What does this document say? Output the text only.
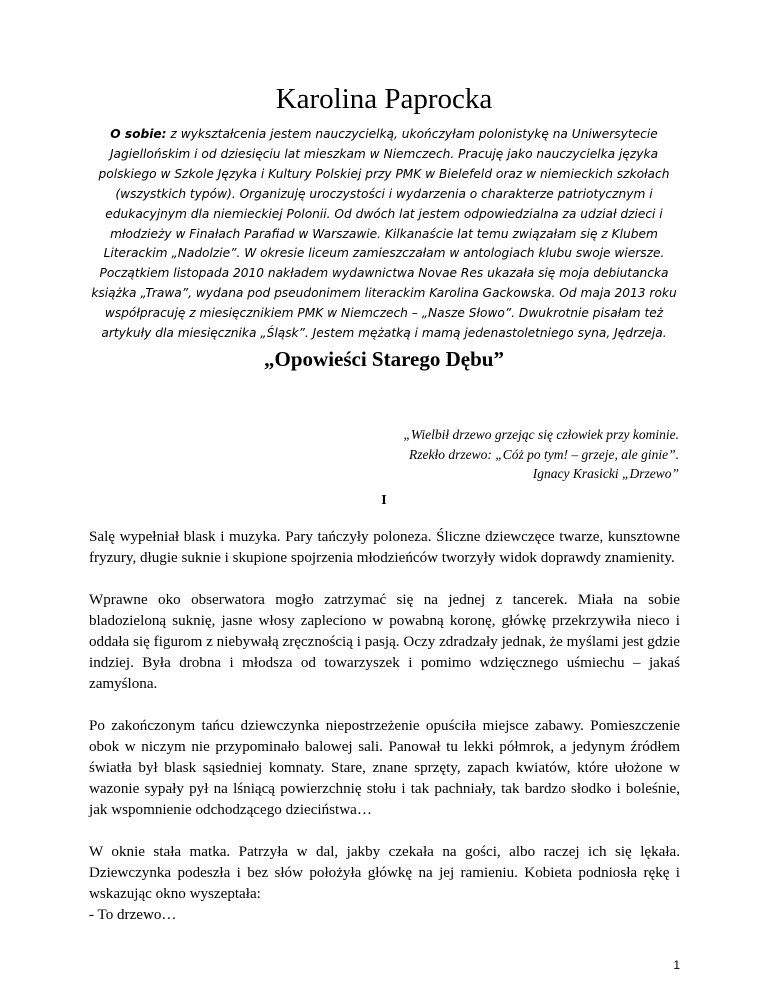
Karolina Paprocka
O sobie: z wykształcenia jestem nauczycielką, ukończyłam polonistykę na Uniwersytecie Jagiellońskim i od dziesięciu lat mieszkam w Niemczech. Pracuję jako nauczycielka języka polskiego w Szkole Języka i Kultury Polskiej przy PMK w Bielefeld oraz w niemieckich szkołach (wszystkich typów). Organizuję uroczystości i wydarzenia o charakterze patriotycznym i edukacyjnym dla niemieckiej Polonii. Od dwóch lat jestem odpowiedzialna za udział dzieci i młodzieży w Finałach Parafiad w Warszawie. Kilkanaście lat temu związałam się z Klubem Literackim „Nadolzie”. W okresie liceum zamieszczałam w antologiach klubu swoje wiersze. Początkiem listopada 2010 nakładem wydawnictwa Novae Res ukazała się moja debiutancka książka „Trawa”, wydana pod pseudonimem literackim Karolina Gackowska. Od maja 2013 roku współpracuję z miesięcznikiem PMK w Niemczech – „Nasze Słowo”. Dwukrotnie pisałam też artykuły dla miesięcznika „Śląsk”. Jestem mężatką i mamą jedenastoletniego syna, Jędrzeja.
„Opowieści Starego Dębu”
„Wielbił drzewo grzejąc się człowiek przy kominie.
Rzekło drzewo: „Cóż po tym! – grzeje, ale ginie”.
Ignacy Krasicki „Drzewo”
I

Salę wypełniał blask i muzyka. Pary tańczyły poloneza. Śliczne dziewczęce twarze, kunsztowne fryzury, długie suknie i skupione spojrzenia młodzieńców tworzyły widok doprawdy znamienity.

Wprawne oko obserwatora mogło zatrzymać się na jednej z tancerek. Miała na sobie bladozieloną suknię, jasne włosy zapleciono w powabną koronę, główkę przekrzywiła nieco i oddała się figurom z niebywałą zręcznością i pasją. Oczy zdradzały jednak, że myślami jest gdzie indziej. Była drobna i młodsza od towarzyszek i pomimo wdzięcznego uśmiechu – jakaś zamyślona.

Po zakończonym tańcu dziewczynka niepostrzeżenie opuściła miejsce zabawy. Pomieszczenie obok w niczym nie przypominało balowej sali. Panował tu lekki półmrok, a jedynym źródłem światła był blask sąsiedniej komnaty. Stare, znane sprzęty, zapach kwiatów, które ułożone w wazonie sypały pył na lśniącą powierzchnię stołu i tak pachniały, tak bardzo słodko i boleśnie, jak wspomnienie odchodzącego dzieciństwa…

W oknie stała matka. Patrzyła w dal, jakby czekała na gości, albo raczej ich się lękała. Dziewczynka podeszła i bez słów położyła główkę na jej ramieniu. Kobieta podniosła rękę i wskazując okno wyszeptała:
- To drzewo…

1
